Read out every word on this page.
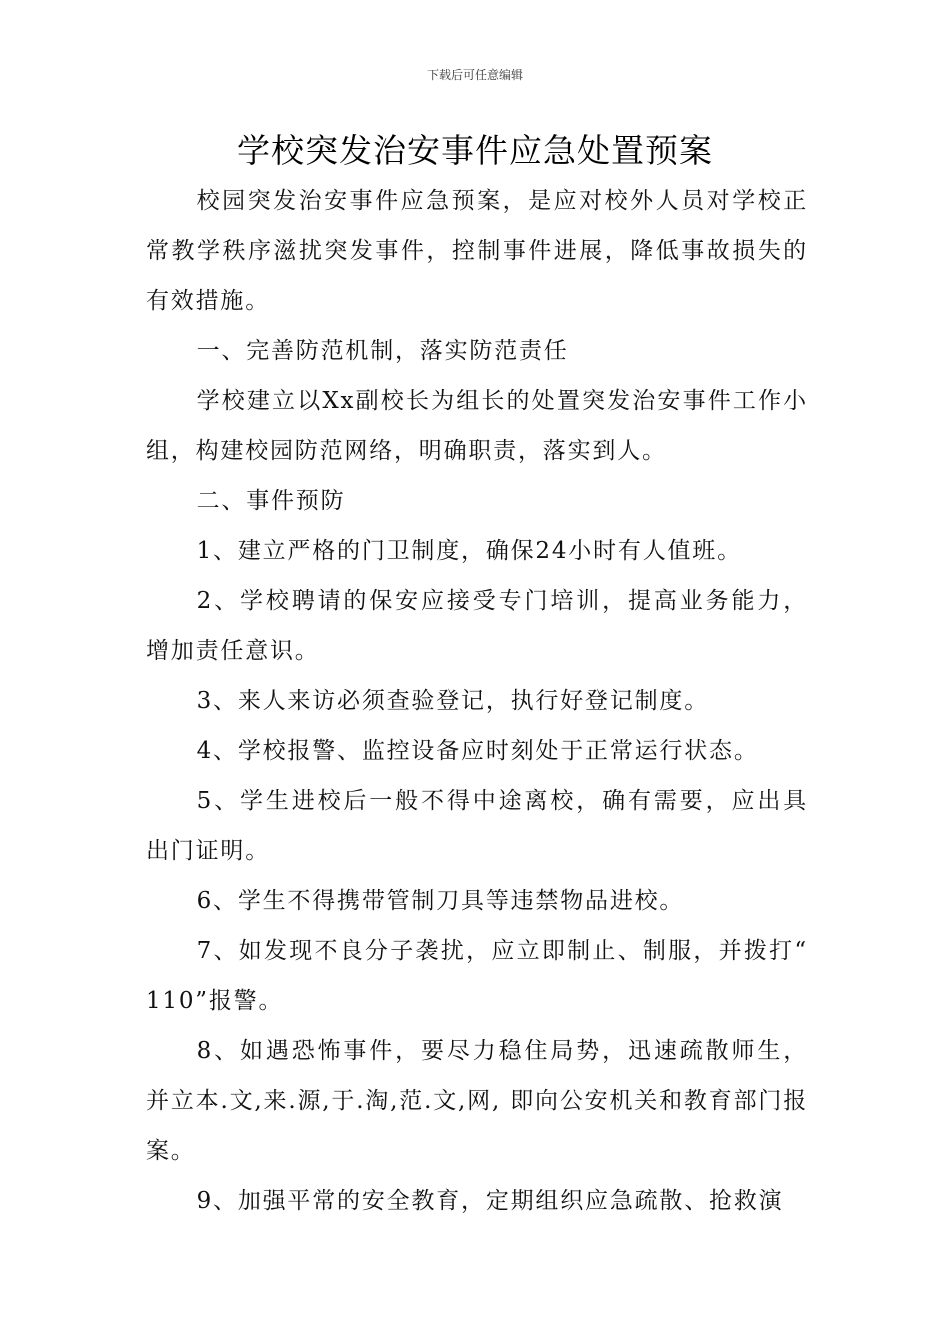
下载后可任意编辑
学校突发治安事件应急处置预案

校园突发治安事件应急预案，是应对校外人员对学校正常教学秩序滋扰突发事件，控制事件进展，降低事故损失的有效措施。

一、完善防范机制，落实防范责任

学校建立以Xx副校长为组长的处置突发治安事件工作小组，构建校园防范网络，明确职责，落实到人。

二、事件预防

1、建立严格的门卫制度，确保24小时有人值班。

2、学校聘请的保安应接受专门培训，提高业务能力，增加责任意识。

3、来人来访必须查验登记，执行好登记制度。

4、学校报警、监控设备应时刻处于正常运行状态。

5、学生进校后一般不得中途离校，确有需要，应出具出门证明。

6、学生不得携带管制刀具等违禁物品进校。

7、如发现不良分子袭扰，应立即制止、制服，并拨打“ 110”报警。

8、如遇恐怖事件，要尽力稳住局势，迅速疏散师生，并立本.文,来.源,于.淘,范.文,网, 即向公安机关和教育部门报案。

9、加强平常的安全教育，定期组织应急疏散、抢救演
